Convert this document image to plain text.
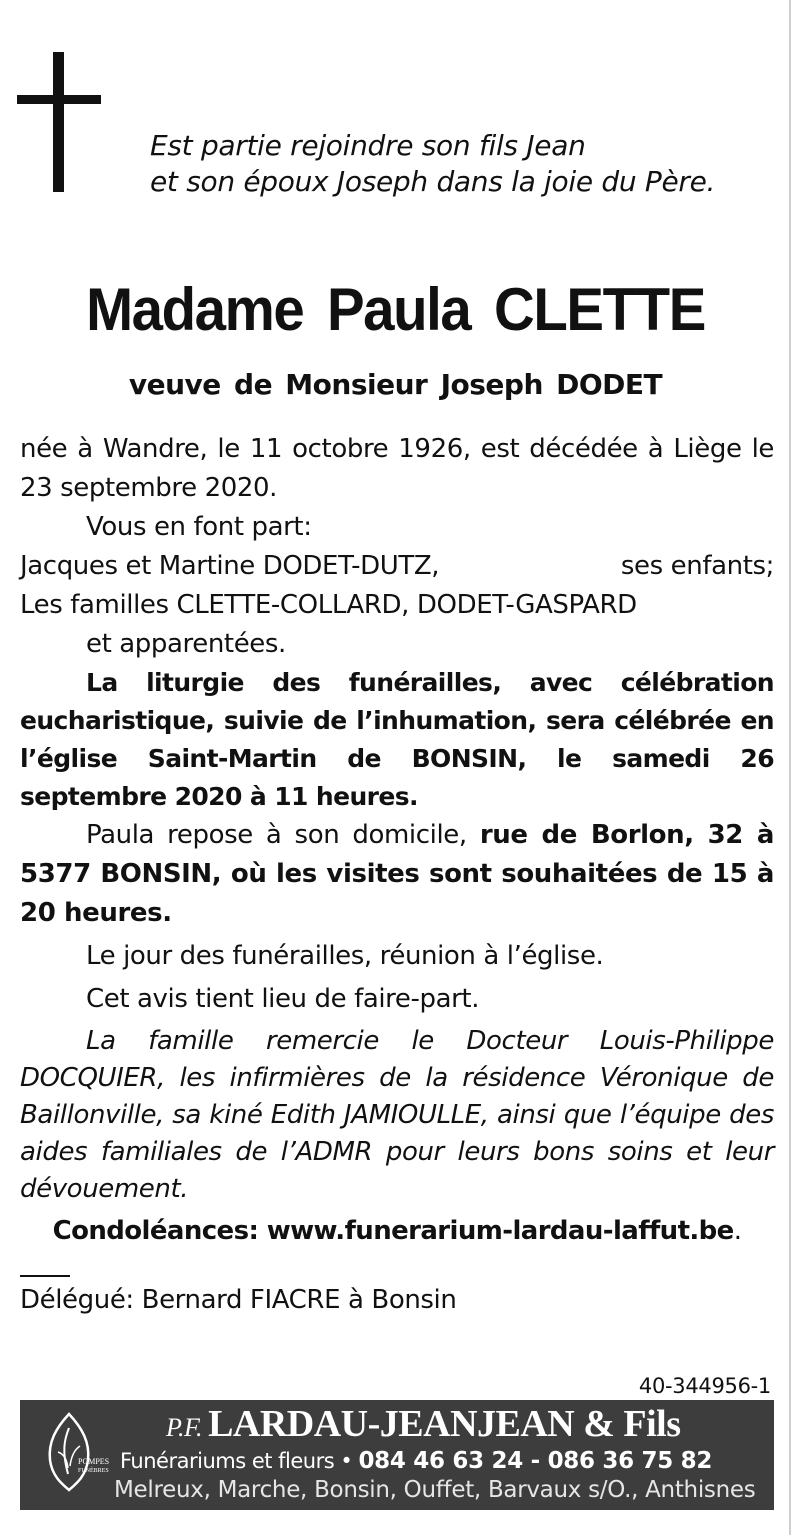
Est partie rejoindre son fils Jean
et son époux Joseph dans la joie du Père.
Madame Paula CLETTE
veuve de Monsieur Joseph DODET

née à Wandre, le 11 octobre 1926, est décédée à Liège le 23 septembre 2020.

Vous en font part:

Jacques et Martine DODET-DUTZ,	ses enfants;

Les familles CLETTE-COLLARD, DODET-GASPARD

et apparentées.

La liturgie des funérailles, avec célébration eucharistique, suivie de l’inhumation, sera célébrée en l’église Saint-Martin de BONSIN, le samedi 26 septembre 2020 à 11 heures.

Paula repose à son domicile, rue de Borlon, 32 à 5377 BONSIN, où les visites sont souhaitées de 15 à 20 heures.

Le jour des funérailles, réunion à l’église.

Cet avis tient lieu de faire-part.

La famille remercie le Docteur Louis-Philippe DOCQUIER, les infirmières de la résidence Véronique de Baillonville, sa kiné Edith JAMIOULLE, ainsi que l’équipe des aides familiales de l’ADMR pour leurs bons soins et leur dévouement.

Condoléances: www.funerarium-lardau-laffut.be.

Délégué: Bernard FIACRE à Bonsin

40-344956-1
POMPES
FUNÈBRES
P.F. LARDAU-JEANJEAN & Fils
Funérariums et fleurs • 084 46 63 24 - 086 36 75 82
Melreux, Marche, Bonsin, Ouffet, Barvaux s/O., Anthisnes
